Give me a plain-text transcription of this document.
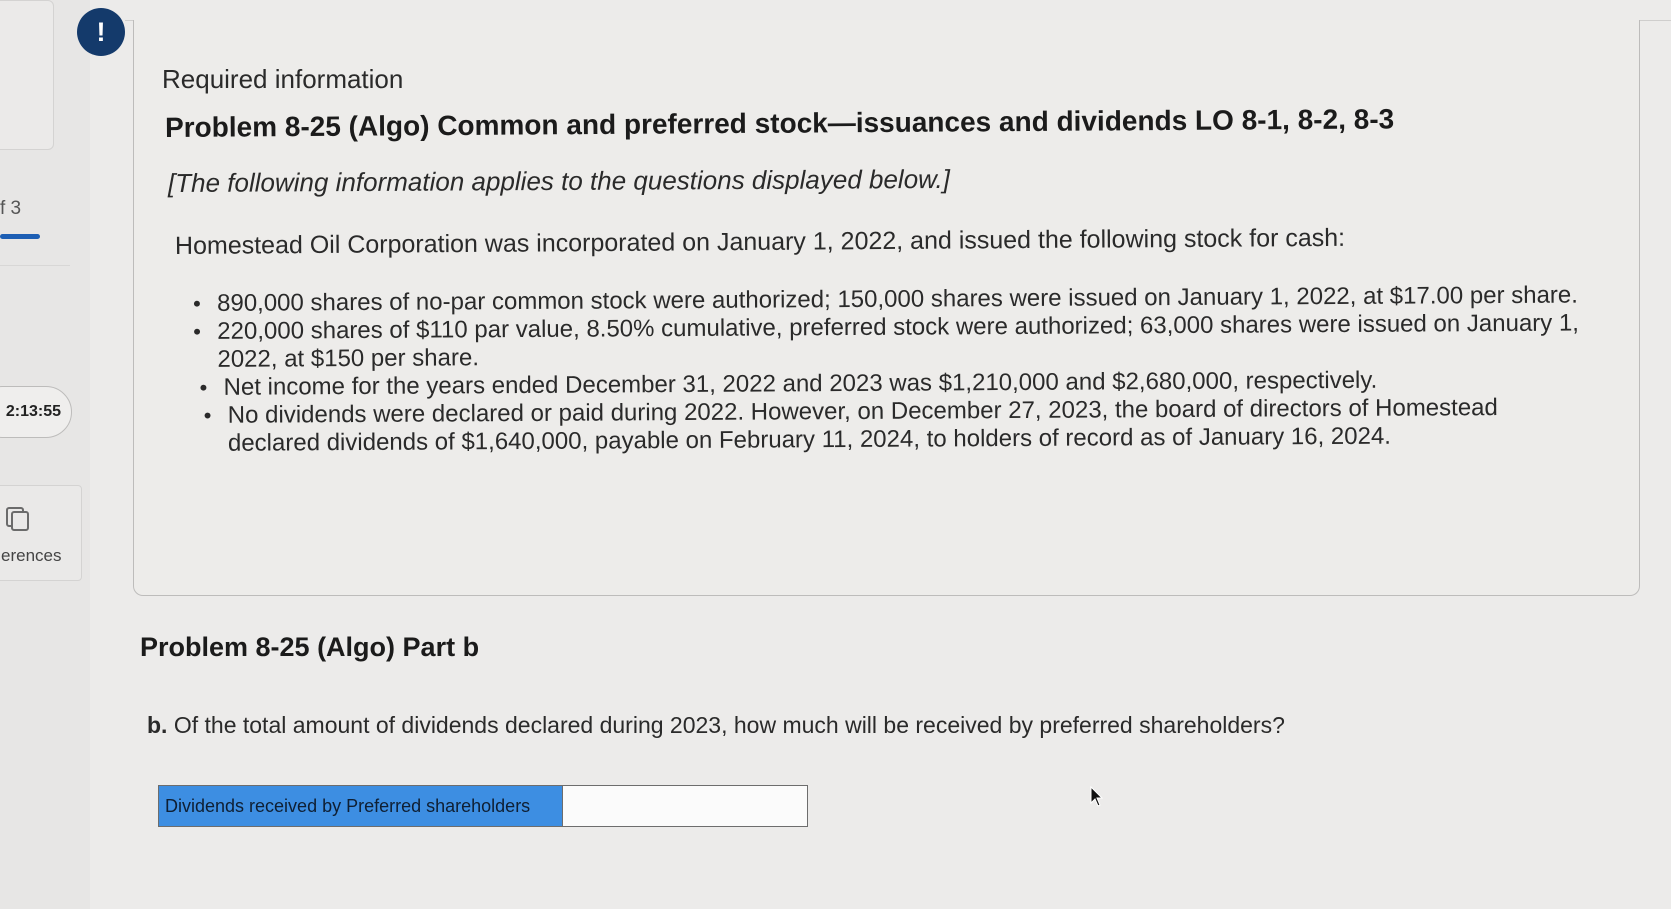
f 3
2:13:55
erences
!
Required information
Problem 8-25 (Algo) Common and preferred stock—issuances and dividends LO 8-1, 8-2, 8-3
[The following information applies to the questions displayed below.]
Homestead Oil Corporation was incorporated on January 1, 2022, and issued the following stock for cash:
• 890,000 shares of no-par common stock were authorized; 150,000 shares were issued on January 1, 2022, at $17.00 per share.
• 220,000 shares of $110 par value, 8.50% cumulative, preferred stock were authorized; 63,000 shares were issued on January 1, 2022, at $150 per share.
• Net income for the years ended December 31, 2022 and 2023 was $1,210,000 and $2,680,000, respectively.
• No dividends were declared or paid during 2022. However, on December 27, 2023, the board of directors of Homestead declared dividends of $1,640,000, payable on February 11, 2024, to holders of record as of January 16, 2024.
Problem 8-25 (Algo) Part b
b. Of the total amount of dividends declared during 2023, how much will be received by preferred shareholders?
Dividends received by Preferred shareholders
